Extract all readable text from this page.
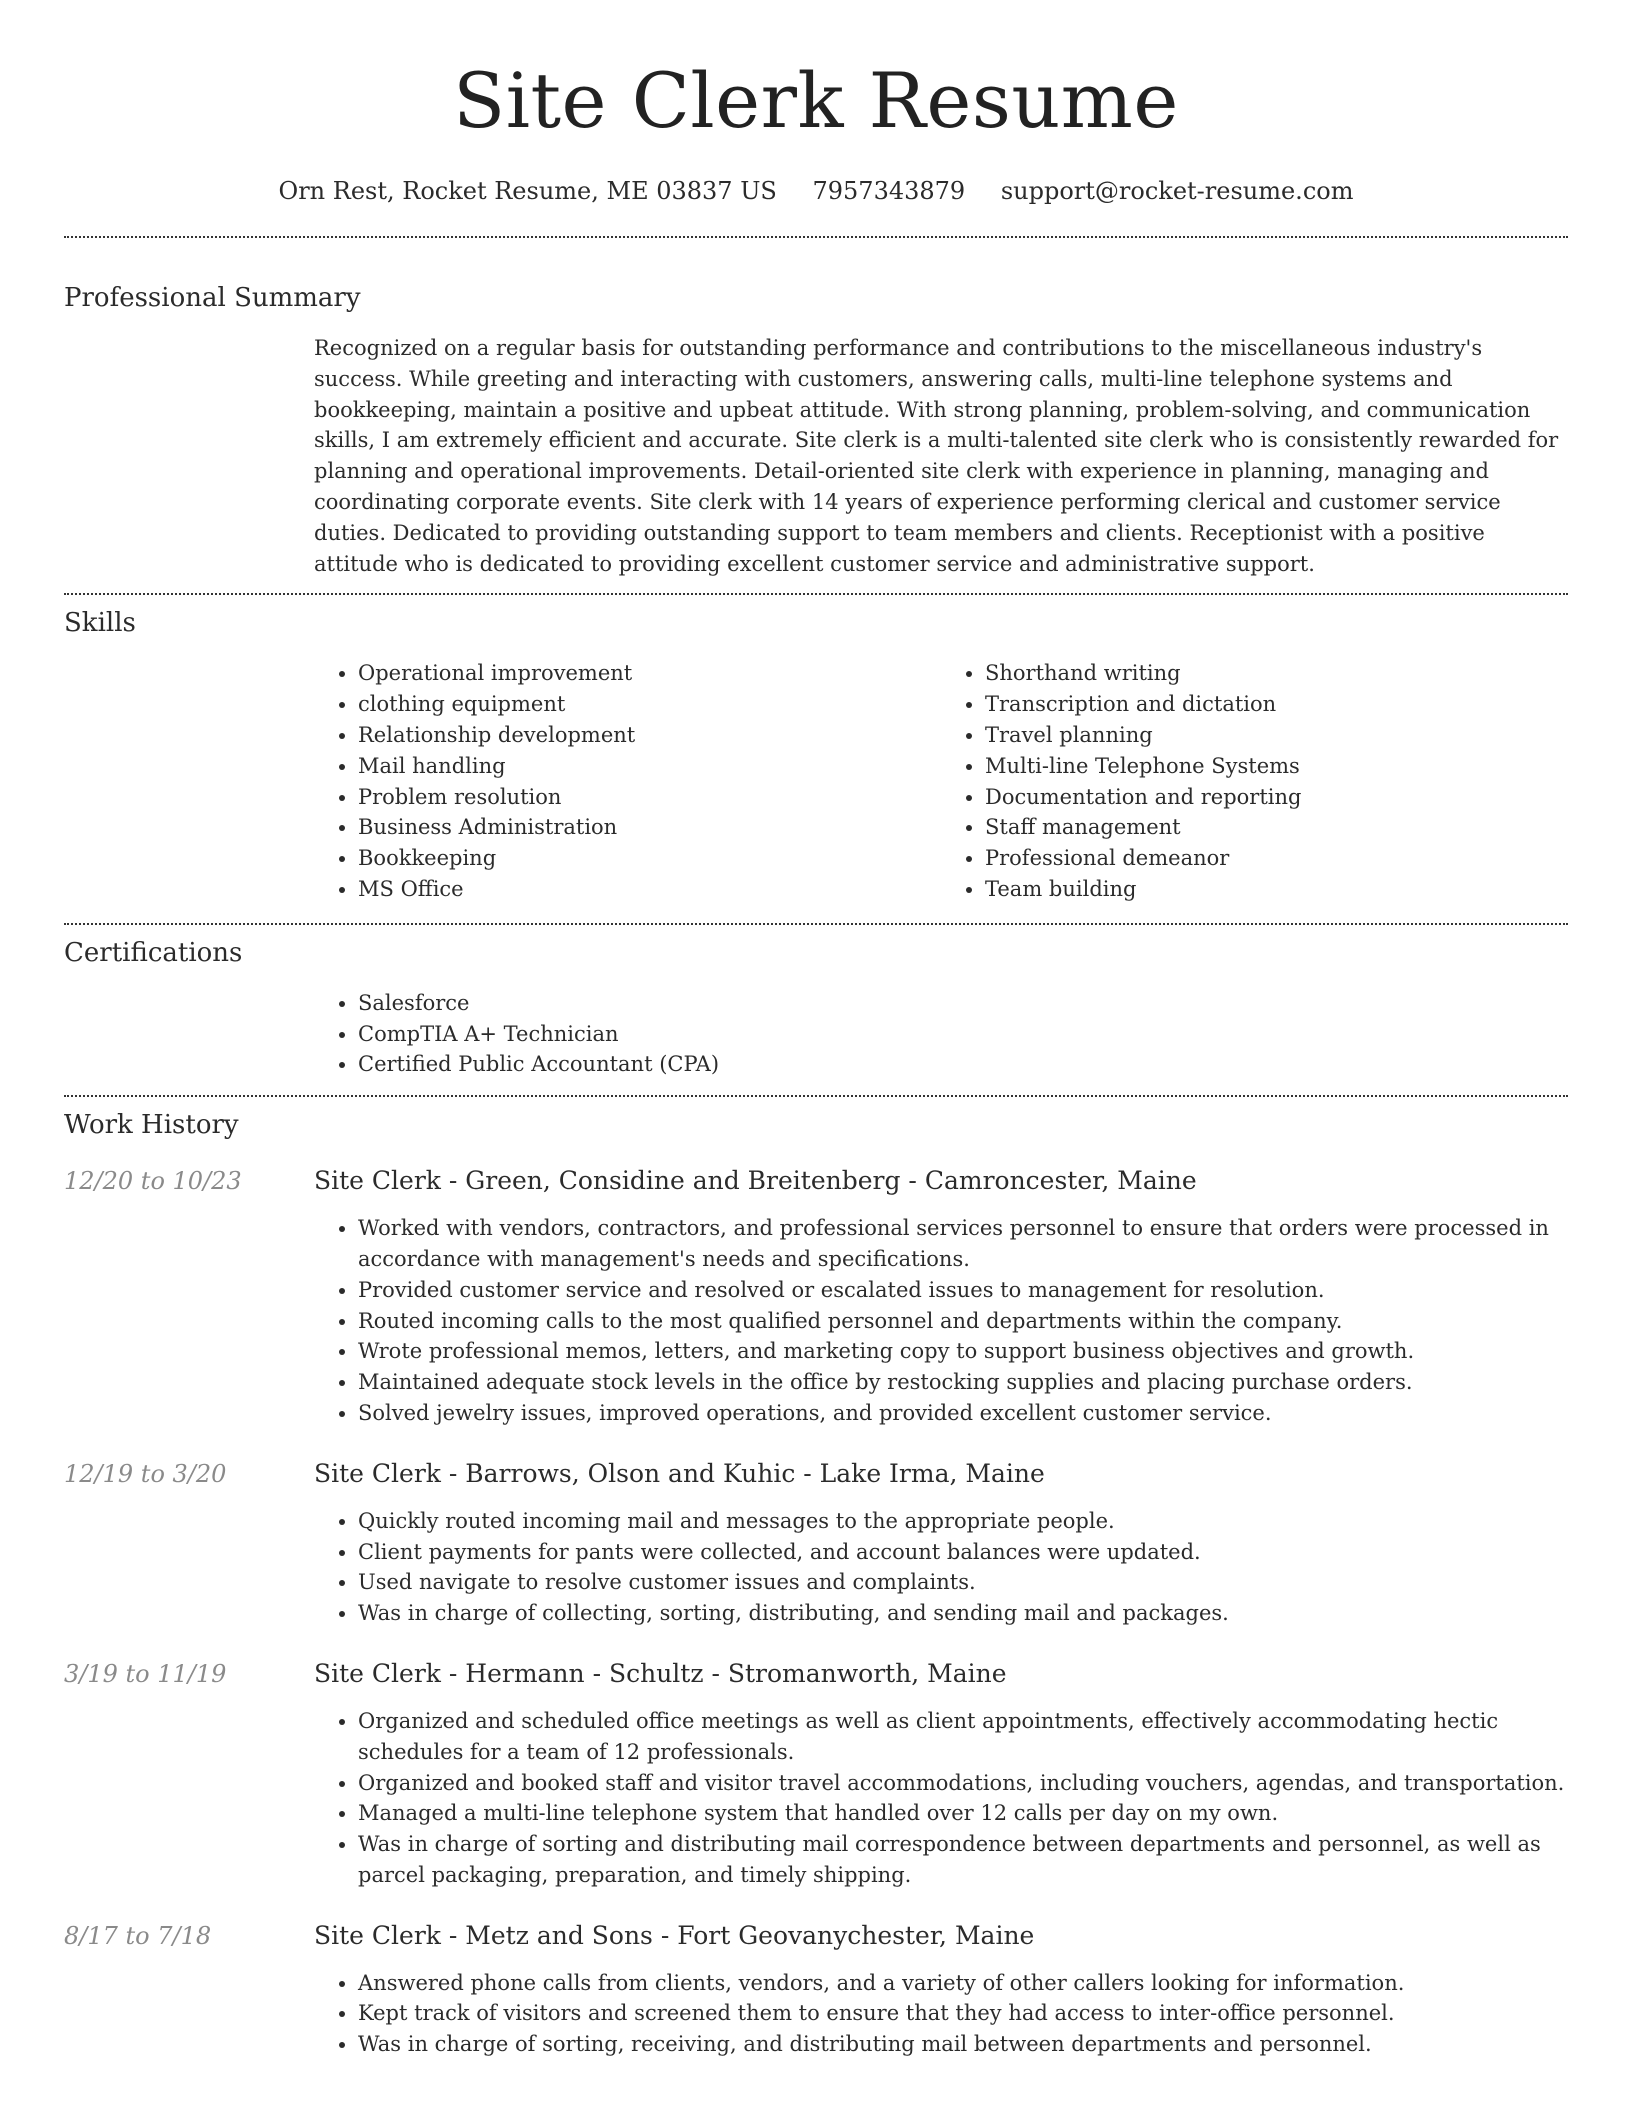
Site Clerk Resume
Orn Rest, Rocket Resume, ME 03837 US 7957343879 support@rocket-resume.com
Professional Summary

Recognized on a regular basis for outstanding performance and contributions to the miscellaneous industry's success. While greeting and interacting with customers, answering calls, multi-line telephone systems and bookkeeping, maintain a positive and upbeat attitude. With strong planning, problem-solving, and communication skills, I am extremely efficient and accurate. Site clerk is a multi-talented site clerk who is consistently rewarded for planning and operational improvements. Detail-oriented site clerk with experience in planning, managing and coordinating corporate events. Site clerk with 14 years of experience performing clerical and customer service duties. Dedicated to providing outstanding support to team members and clients. Receptionist with a positive attitude who is dedicated to providing excellent customer service and administrative support.

Skills
• Operational improvement
• clothing equipment
• Relationship development
• Mail handling
• Problem resolution
• Business Administration
• Bookkeeping
• MS Office
• Shorthand writing
• Transcription and dictation
• Travel planning
• Multi-line Telephone Systems
• Documentation and reporting
• Staff management
• Professional demeanor
• Team building
Certifications
• Salesforce
• CompTIA A+ Technician
• Certified Public Accountant (CPA)
Work History
12/20 to 10/23	Site Clerk - Green, Considine and Breitenberg - Camroncester, Maine
• Worked with vendors, contractors, and professional services personnel to ensure that orders were processed in accordance with management's needs and specifications.
• Provided customer service and resolved or escalated issues to management for resolution.
• Routed incoming calls to the most qualified personnel and departments within the company.
• Wrote professional memos, letters, and marketing copy to support business objectives and growth.
• Maintained adequate stock levels in the office by restocking supplies and placing purchase orders.
• Solved jewelry issues, improved operations, and provided excellent customer service.
12/19 to 3/20	Site Clerk - Barrows, Olson and Kuhic - Lake Irma, Maine
• Quickly routed incoming mail and messages to the appropriate people.
• Client payments for pants were collected, and account balances were updated.
• Used navigate to resolve customer issues and complaints.
• Was in charge of collecting, sorting, distributing, and sending mail and packages.
3/19 to 11/19	Site Clerk - Hermann - Schultz - Stromanworth, Maine
• Organized and scheduled office meetings as well as client appointments, effectively accommodating hectic schedules for a team of 12 professionals.
• Organized and booked staff and visitor travel accommodations, including vouchers, agendas, and transportation.
• Managed a multi-line telephone system that handled over 12 calls per day on my own.
• Was in charge of sorting and distributing mail correspondence between departments and personnel, as well as parcel packaging, preparation, and timely shipping.
8/17 to 7/18	Site Clerk - Metz and Sons - Fort Geovanychester, Maine
• Answered phone calls from clients, vendors, and a variety of other callers looking for information.
• Kept track of visitors and screened them to ensure that they had access to inter-office personnel.
• Was in charge of sorting, receiving, and distributing mail between departments and personnel.
